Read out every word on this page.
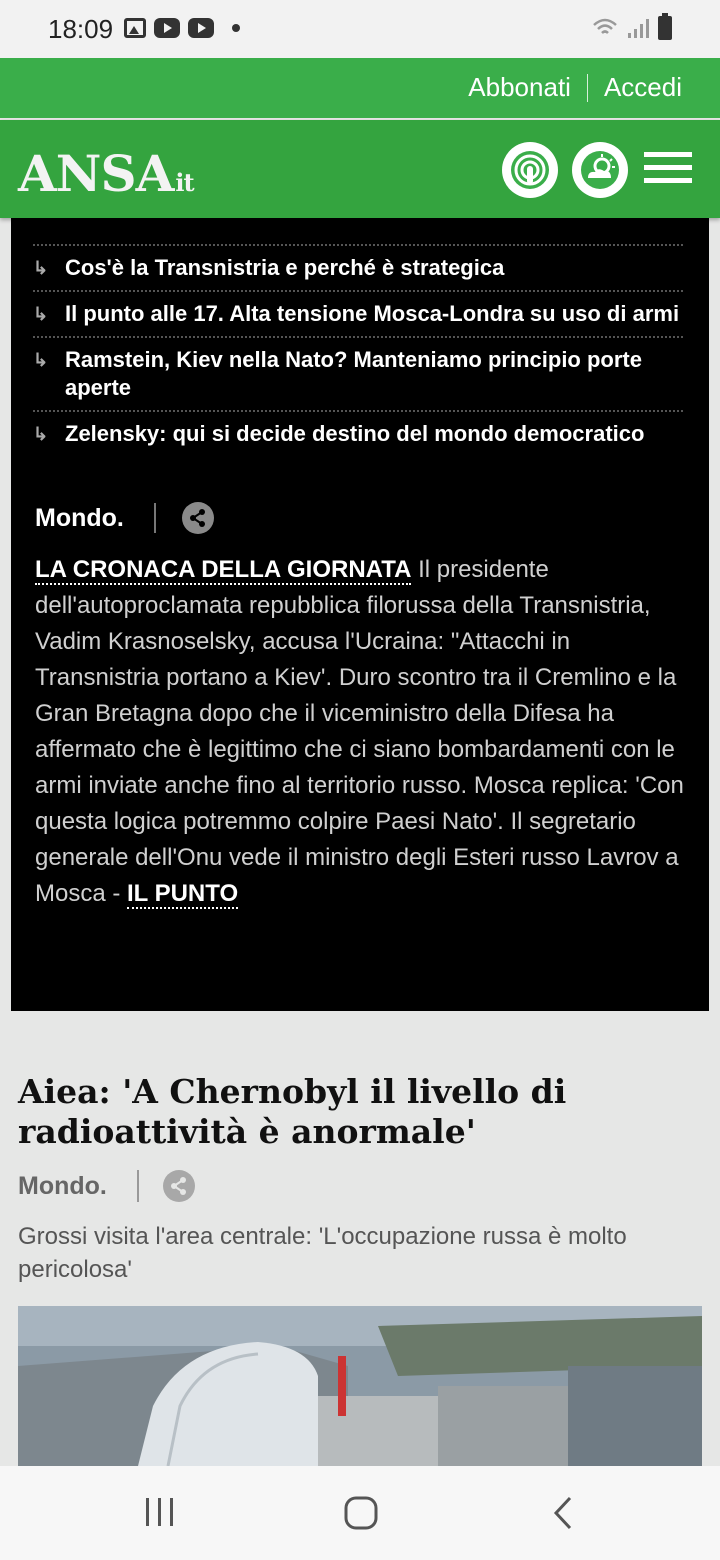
18:09
Abbonati Accedi
ANSAit
↳ Cos'è la Transnistria e perché è strategica
↳ Il punto alle 17. Alta tensione Mosca-Londra su uso di armi
↳ Ramstein, Kiev nella Nato? Manteniamo principio porte aperte
↳ Zelensky: qui si decide destino del mondo democratico
Mondo.
LA CRONACA DELLA GIORNATA Il presidente dell'autoproclamata repubblica filorussa della Transnistria, Vadim Krasnoselsky, accusa l'Ucraina: "Attacchi in Transnistria portano a Kiev'. Duro scontro tra il Cremlino e la Gran Bretagna dopo che il viceministro della Difesa ha affermato che è legittimo che ci siano bombardamenti con le armi inviate anche fino al territorio russo. Mosca replica: 'Con questa logica potremmo colpire Paesi Nato'. Il segretario generale dell'Onu vede il ministro degli Esteri russo Lavrov a Mosca - IL PUNTO
Aiea: 'A Chernobyl il livello di radioattività è anormale'
Mondo.
Grossi visita l'area centrale: 'L'occupazione russa è molto pericolosa'
